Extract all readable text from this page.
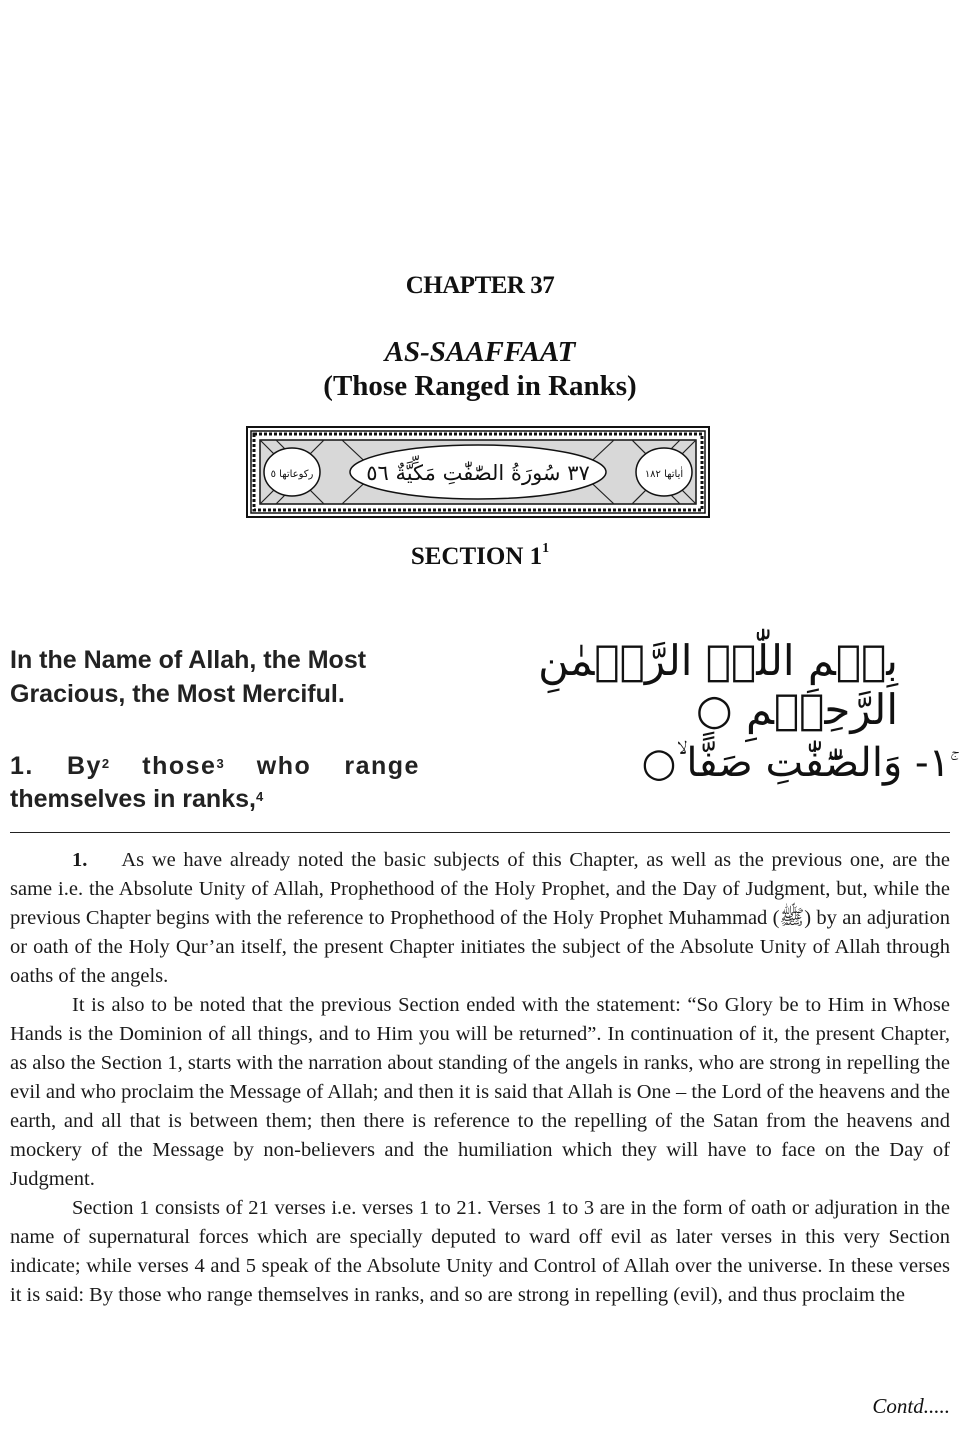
CHAPTER 37
AS-SAAFFAAT
(Those Ranged in Ranks)
٣٧ سُورَةُ الصّٰفّٰتِ مَكِّيَّةٌ ٥٦
رکوعاتها ٥	اٰیاتها ١٨٢
SECTION $1^1$
In the Name of Allah, the Most Gracious, the Most Merciful.
بِسۡمِ اللّٰہِ الرَّحۡمٰنِ الرَّحِیۡمِ ○
1. By$^2$ those$^3$ who range
themselves in ranks,$^4$
١- وَالصّٰٓفّٰتِ صَفًّا ۙ○

1. As we have already noted the basic subjects of this Chapter, as well as the previous one, are the same i.e. the Absolute Unity of Allah, Prophethood of the Holy Prophet, and the Day of Judgment, but, while the previous Chapter begins with the reference to Prophethood of the Holy Prophet Muhammad (ﷺ) by an adjuration or oath of the Holy Qur’an itself, the present Chapter initiates the subject of the Absolute Unity of Allah through oaths of the angels.

It is also to be noted that the previous Section ended with the statement: “So Glory be to Him in Whose Hands is the Dominion of all things, and to Him you will be returned”. In continuation of it, the present Chapter, as also the Section 1, starts with the narration about standing of the angels in ranks, who are strong in repelling the evil and who proclaim the Message of Allah; and then it is said that Allah is One – the Lord of the heavens and the earth, and all that is between them; then there is reference to the repelling of the Satan from the heavens and mockery of the Message by non-believers and the humiliation which they will have to face on the Day of Judgment.

Section 1 consists of 21 verses i.e. verses 1 to 21. Verses 1 to 3 are in the form of oath or adjuration in the name of supernatural forces which are specially deputed to ward off evil as later verses in this very Section indicate; while verses 4 and 5 speak of the Absolute Unity and Control of Allah over the universe. In these verses it is said: By those who range themselves in ranks, and so are strong in repelling (evil), and thus proclaim the

Contd.....
